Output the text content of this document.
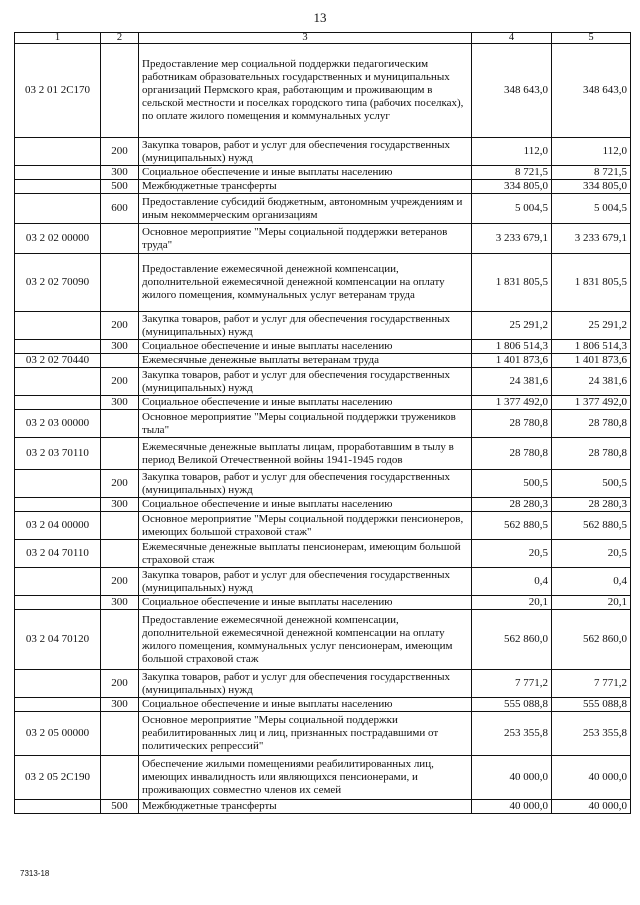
13
1	2	3	4	5
03 2 01 2С170		Предоставление мер социальной поддержки педагогическим работникам образовательных государственных и муниципальных организаций Пермского края, работающим и проживающим в сельской местности и поселках городского типа (рабочих поселках), по оплате жилого помещения и коммунальных услуг	348 643,0	348 643,0
	200	Закупка товаров, работ и услуг для обеспечения государственных (муниципальных) нужд	112,0	112,0
	300	Социальное обеспечение и иные выплаты населению	8 721,5	8 721,5
	500	Межбюджетные трансферты	334 805,0	334 805,0
	600	Предоставление субсидий бюджетным, автономным учреждениям и иным некоммерческим организациям	5 004,5	5 004,5
03 2 02 00000		Основное мероприятие "Меры социальной поддержки ветеранов труда"	3 233 679,1	3 233 679,1
03 2 02 70090		Предоставление ежемесячной денежной компенсации, дополнительной ежемесячной денежной компенсации на оплату жилого помещения, коммунальных услуг ветеранам труда	1 831 805,5	1 831 805,5
	200	Закупка товаров, работ и услуг для обеспечения государственных (муниципальных) нужд	25 291,2	25 291,2
	300	Социальное обеспечение и иные выплаты населению	1 806 514,3	1 806 514,3
03 2 02 70440		Ежемесячные денежные выплаты ветеранам труда	1 401 873,6	1 401 873,6
	200	Закупка товаров, работ и услуг для обеспечения государственных (муниципальных) нужд	24 381,6	24 381,6
	300	Социальное обеспечение и иные выплаты населению	1 377 492,0	1 377 492,0
03 2 03 00000		Основное мероприятие "Меры социальной поддержки тружеников тыла"	28 780,8	28 780,8
03 2 03 70110		Ежемесячные денежные выплаты лицам, проработавшим в тылу в период Великой Отечественной войны 1941-1945 годов	28 780,8	28 780,8
	200	Закупка товаров, работ и услуг для обеспечения государственных (муниципальных) нужд	500,5	500,5
	300	Социальное обеспечение и иные выплаты населению	28 280,3	28 280,3
03 2 04 00000		Основное мероприятие "Меры социальной поддержки пенсионеров, имеющих большой страховой стаж"	562 880,5	562 880,5
03 2 04 70110		Ежемесячные денежные выплаты пенсионерам, имеющим большой страховой стаж	20,5	20,5
	200	Закупка товаров, работ и услуг для обеспечения государственных (муниципальных) нужд	0,4	0,4
	300	Социальное обеспечение и иные выплаты населению	20,1	20,1
03 2 04 70120		Предоставление ежемесячной денежной компенсации, дополнительной ежемесячной денежной компенсации на оплату жилого помещения, коммунальных услуг пенсионерам, имеющим большой страховой стаж	562 860,0	562 860,0
	200	Закупка товаров, работ и услуг для обеспечения государственных (муниципальных) нужд	7 771,2	7 771,2
	300	Социальное обеспечение и иные выплаты населению	555 088,8	555 088,8
03 2 05 00000		Основное мероприятие "Меры социальной поддержки реабилитированных лиц и лиц, признанных пострадавшими от политических репрессий"	253 355,8	253 355,8
03 2 05 2С190		Обеспечение жилыми помещениями реабилитированных лиц, имеющих инвалидность или являющихся пенсионерами, и проживающих совместно членов их семей	40 000,0	40 000,0
	500	Межбюджетные трансферты	40 000,0	40 000,0
7313-18
